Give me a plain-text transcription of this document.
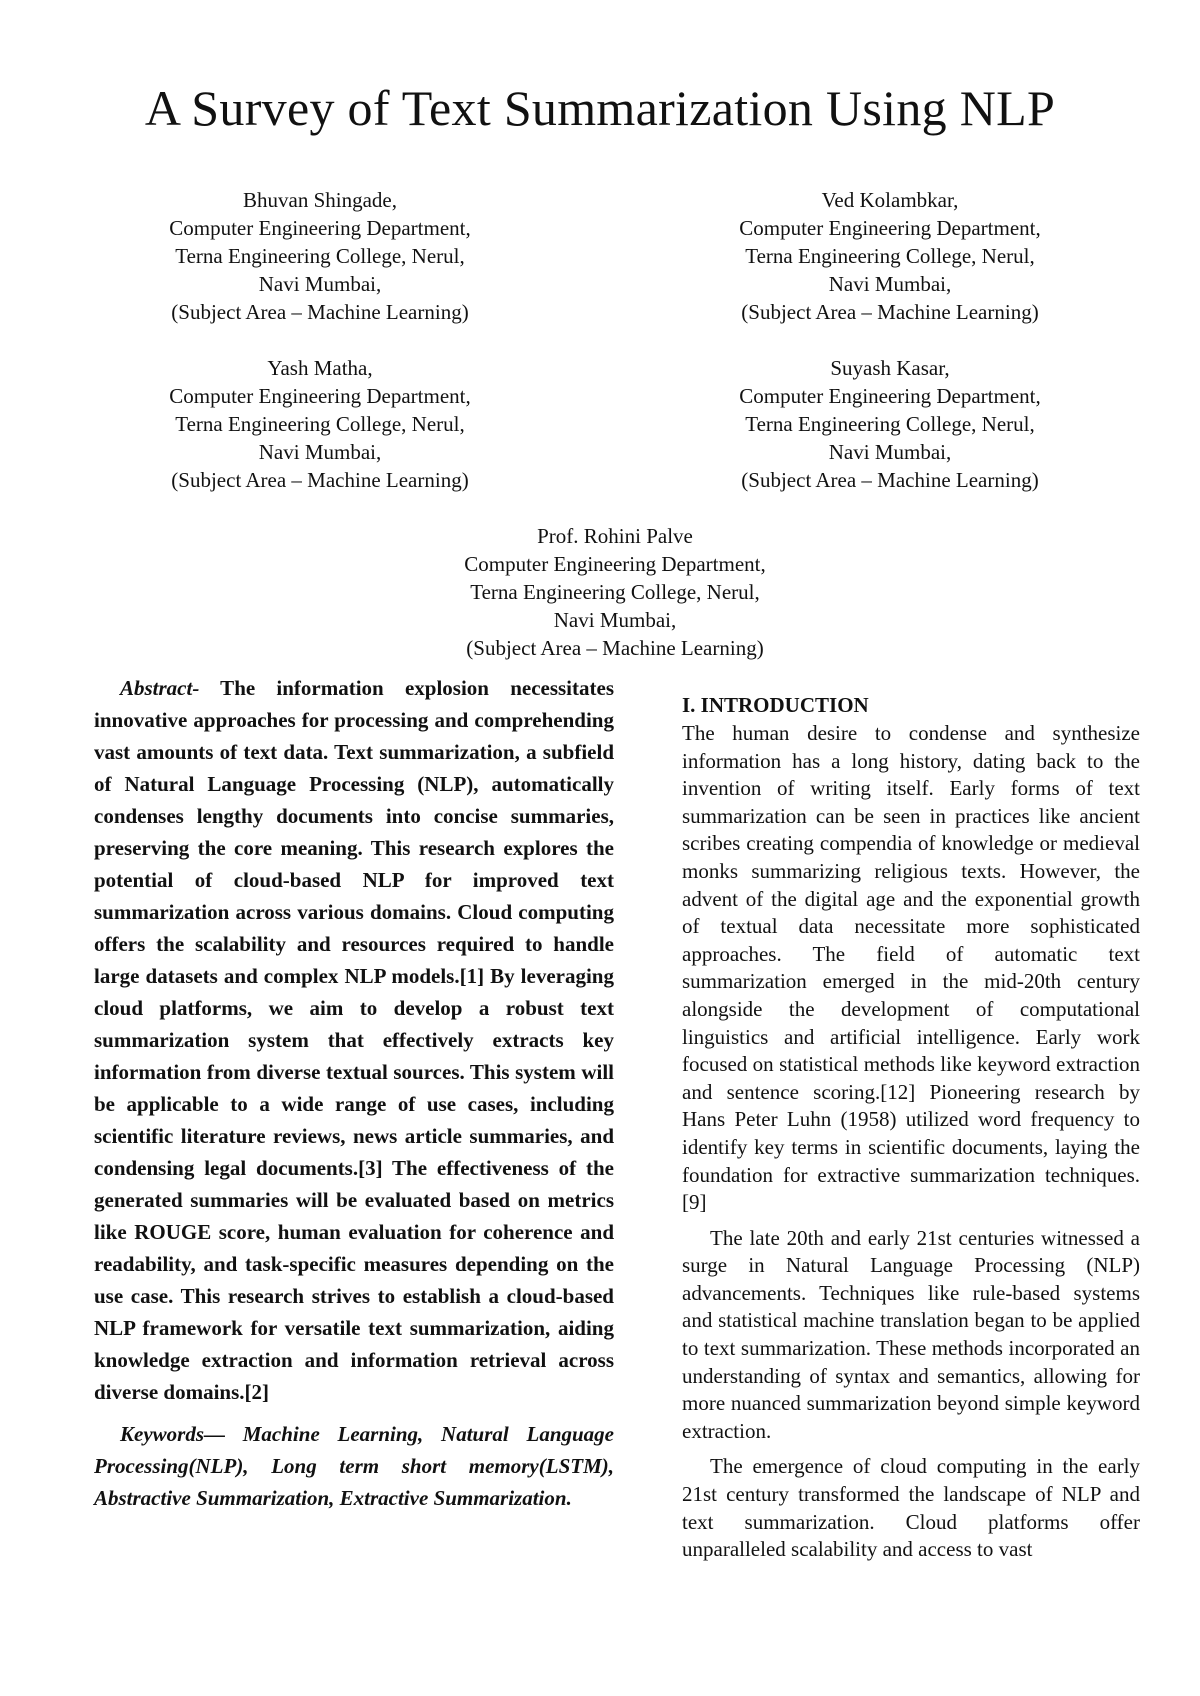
A Survey of Text Summarization Using NLP
Bhuvan Shingade,
Computer Engineering Department,
Terna Engineering College, Nerul,
Navi Mumbai,
(Subject Area – Machine Learning)
Ved Kolambkar,
Computer Engineering Department,
Terna Engineering College, Nerul,
Navi Mumbai,
(Subject Area – Machine Learning)
Yash Matha,
Computer Engineering Department,
Terna Engineering College, Nerul,
Navi Mumbai,
(Subject Area – Machine Learning)
Suyash Kasar,
Computer Engineering Department,
Terna Engineering College, Nerul,
Navi Mumbai,
(Subject Area – Machine Learning)
Prof. Rohini Palve
Computer Engineering Department,
Terna Engineering College, Nerul,
Navi Mumbai,
(Subject Area – Machine Learning)

Abstract- The information explosion necessitates innovative approaches for processing and comprehending vast amounts of text data. Text summarization, a subfield of Natural Language Processing (NLP), automatically condenses lengthy documents into concise summaries, preserving the core meaning. This research explores the potential of cloud-based NLP for improved text summarization across various domains. Cloud computing offers the scalability and resources required to handle large datasets and complex NLP models.[1] By leveraging cloud platforms, we aim to develop a robust text summarization system that effectively extracts key information from diverse textual sources. This system will be applicable to a wide range of use cases, including scientific literature reviews, news article summaries, and condensing legal documents.[3] The effectiveness of the generated summaries will be evaluated based on metrics like ROUGE score, human evaluation for coherence and readability, and task-specific measures depending on the use case. This research strives to establish a cloud-based NLP framework for versatile text summarization, aiding knowledge extraction and information retrieval across diverse domains.[2]

Keywords— Machine Learning, Natural Language Processing(NLP), Long term short memory(LSTM), Abstractive Summarization, Extractive Summarization.

I. INTRODUCTION

The human desire to condense and synthesize information has a long history, dating back to the invention of writing itself. Early forms of text summarization can be seen in practices like ancient scribes creating compendia of knowledge or medieval monks summarizing religious texts. However, the advent of the digital age and the exponential growth of textual data necessitate more sophisticated approaches. The field of automatic text summarization emerged in the mid-20th century alongside the development of computational linguistics and artificial intelligence. Early work focused on statistical methods like keyword extraction and sentence scoring.[12] Pioneering research by Hans Peter Luhn (1958) utilized word frequency to identify key terms in scientific documents, laying the foundation for extractive summarization techniques.[9]

The late 20th and early 21st centuries witnessed a surge in Natural Language Processing (NLP) advancements. Techniques like rule-based systems and statistical machine translation began to be applied to text summarization. These methods incorporated an understanding of syntax and semantics, allowing for more nuanced summarization beyond simple keyword extraction.

The emergence of cloud computing in the early 21st century transformed the landscape of NLP and text summarization. Cloud platforms offer unparalleled scalability and access to vast
